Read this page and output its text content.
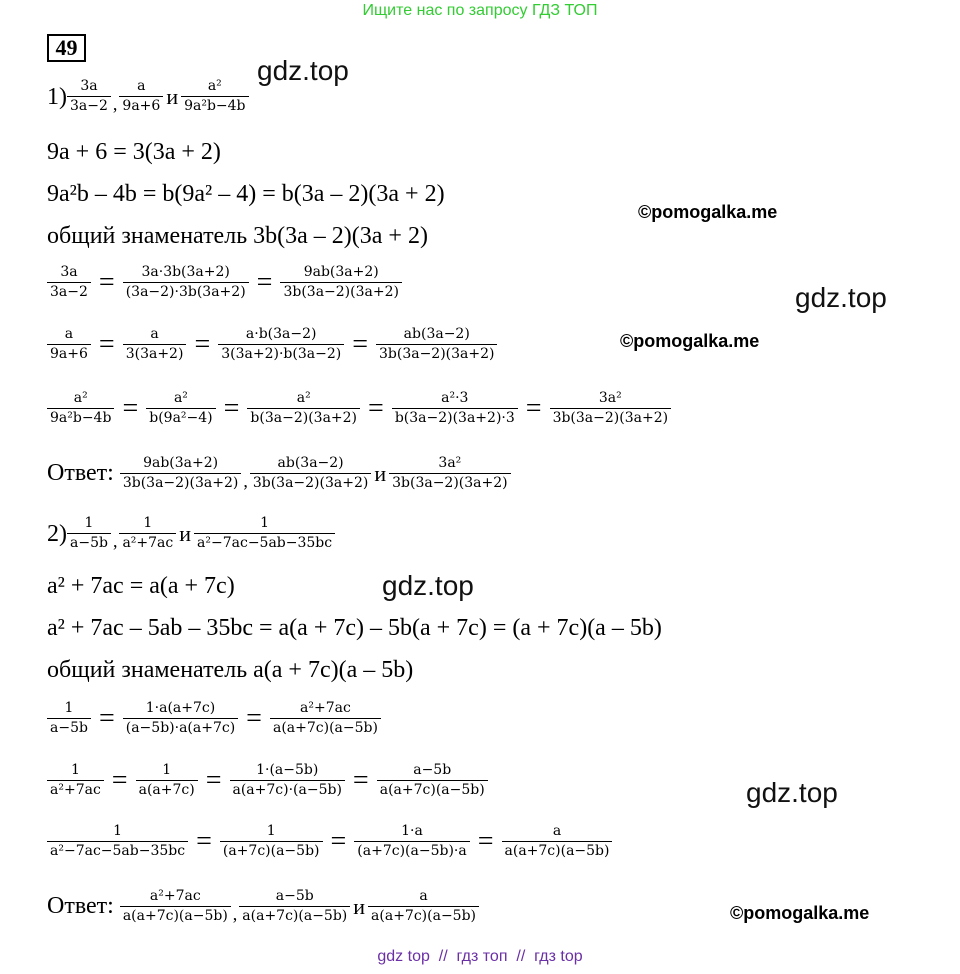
Ищите нас по запросу ГДЗ ТОП
49
gdz.top
©pomogalka.me
gdz.top
©pomogalka.me
gdz.top
gdz.top
©pomogalka.me
$1) \frac{3a}{3a-2}$ , $\frac{a}{9a+6}$ и $\frac{\text{a²}}{\text{9a²b−4b}}$
9a + 6 = 3(3a + 2)
9a²b – 4b = b(9a² – 4) = b(3a – 2)(3a + 2)
общий знаменатель 3b(3a – 2)(3a + 2)
$\frac{3a}{3a-2} = \frac{3a\cdot 3b(3a+2)}{(3a-2)\cdot 3b(3a+2)} = \frac{9ab(3a+2)}{3b(3a-2)(3a+2)}$
$\frac{a}{9a+6} = \frac{a}{3(3a+2)} = \frac{a\cdot b(3a-2)}{3(3a+2)\cdot b(3a-2)} = \frac{ab(3a-2)}{3b(3a-2)(3a+2)}$
$\frac{\text{a²}}{\text{9a²b−4b}} = \frac{\text{a²}}{\text{b(9a²−4)}} = \frac{\text{a²}}{b(3a-2)(3a+2)} = \frac{\text{a²·3}}{b(3a-2)(3a+2)\cdot 3} = \frac{\text{3a²}}{3b(3a-2)(3a+2)}$
Ответ: $\frac{9ab(3a+2)}{3b(3a-2)(3a+2)}$ , $\frac{ab(3a-2)}{3b(3a-2)(3a+2)}$ и $\frac{\text{3a²}}{3b(3a-2)(3a+2)}$
$2) \frac{1}{a-5b}$ , $\frac{1}{\text{a²+7ac}}$ и $\frac{1}{\text{a²−7ac−5ab−35bc}}$
a² + 7ac = a(a + 7c)
a² + 7ac – 5ab – 35bc = a(a + 7c) – 5b(a + 7c) = (a + 7c)(a – 5b)
общий знаменатель a(a + 7c)(a – 5b)
$\frac{1}{a-5b} = \frac{1\cdot a(a+7c)}{(a-5b)\cdot a(a+7c)} = \frac{\text{a²+7ac}}{a(a+7c)(a-5b)}$
$\frac{1}{\text{a²+7ac}} = \frac{1}{a(a+7c)} = \frac{1\cdot(a-5b)}{a(a+7c)\cdot(a-5b)} = \frac{a-5b}{a(a+7c)(a-5b)}$
$\frac{1}{\text{a²−7ac−5ab−35bc}} = \frac{1}{(a+7c)(a-5b)} = \frac{1\cdot a}{(a+7c)(a-5b)\cdot a} = \frac{a}{a(a+7c)(a-5b)}$
Ответ: $\frac{\text{a²+7ac}}{a(a+7c)(a-5b)}$ , $\frac{a-5b}{a(a+7c)(a-5b)}$ и $\frac{a}{a(a+7c)(a-5b)}$
gdz top  //  гдз топ  //  гдз top
